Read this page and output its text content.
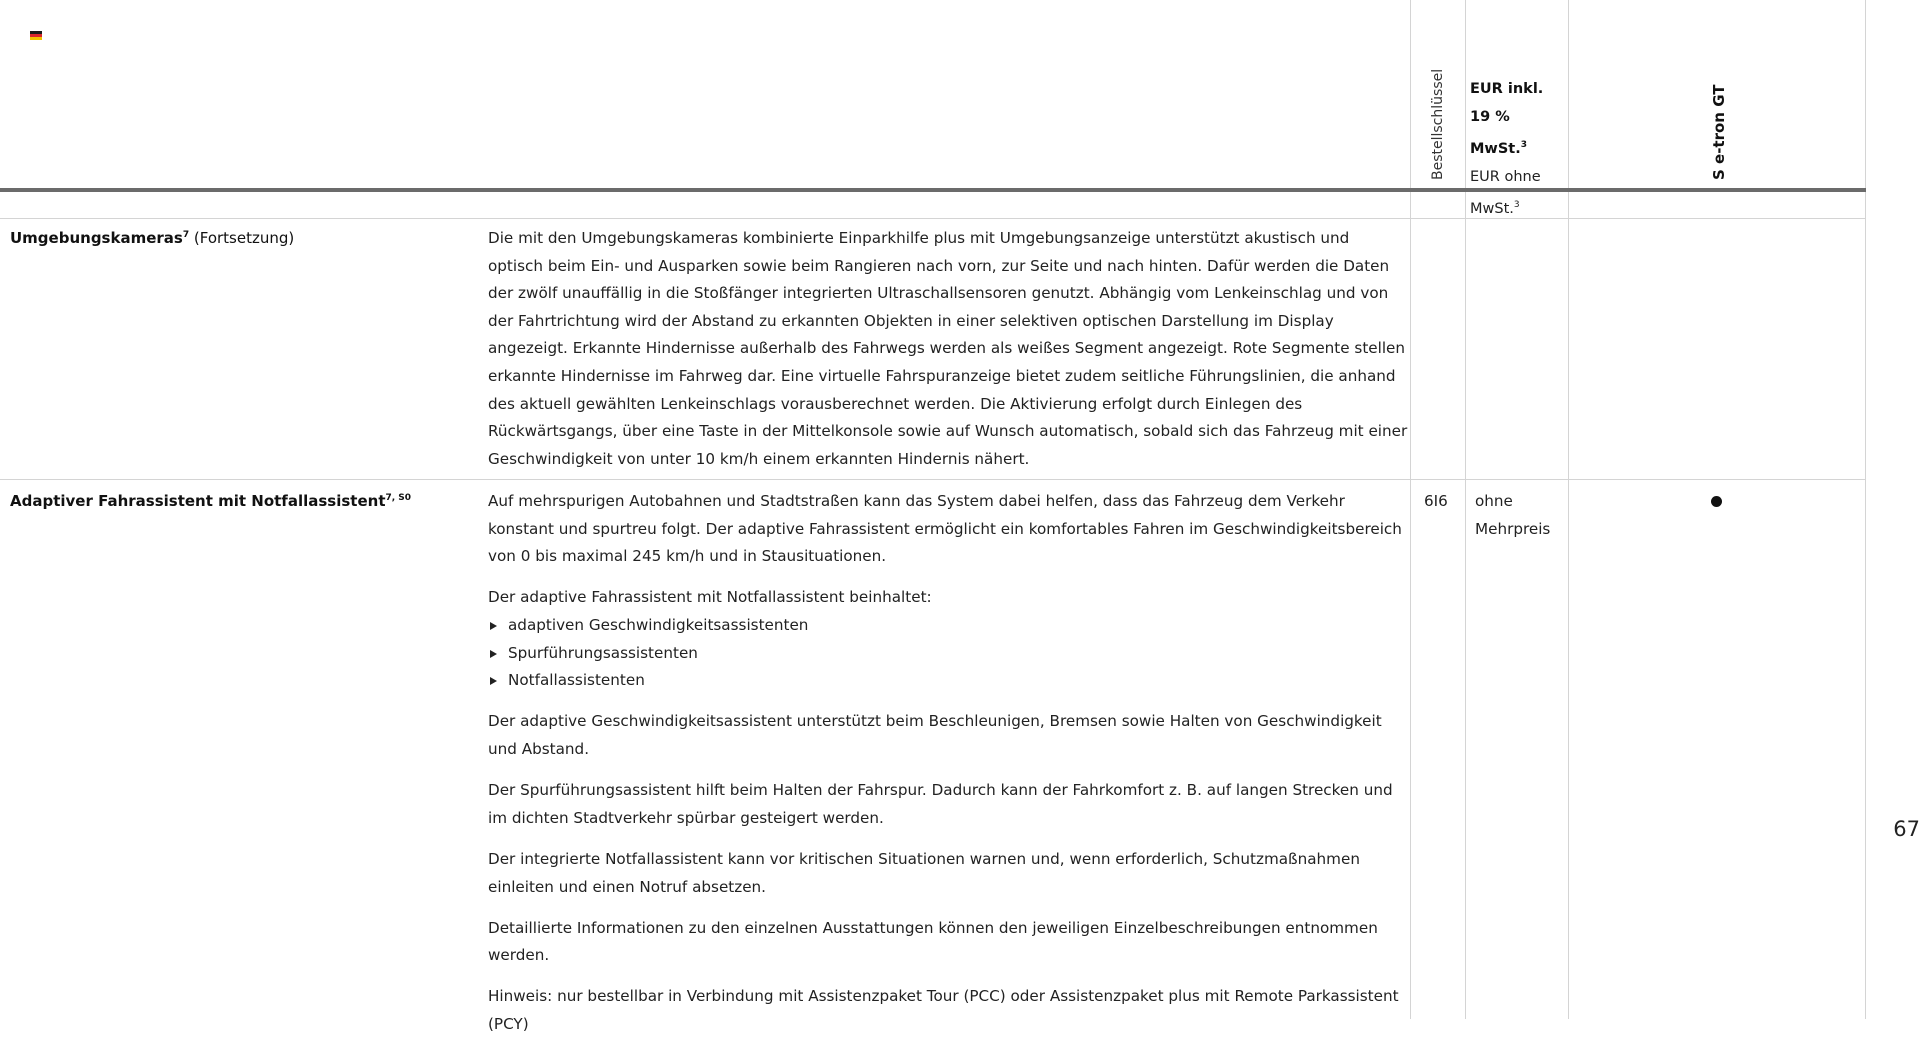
Bestellschlüssel EUR inkl.
19 % MwSt.$^3$
EUR ohne
MwSt.$^3$
S e-tron GT
Umgebungskameras$^7$ (Fortsetzung)	Die mit den Umgebungskameras kombinierte Einparkhilfe plus mit Umgebungsanzeige unterstützt akustisch und optisch beim Ein- und Ausparken sowie beim Rangieren nach vorn, zur Seite und nach hinten. Dafür werden die Daten der zwölf unauffällig in die Stoßfänger integrierten Ultraschallsensoren genutzt. Abhängig vom Lenkeinschlag und von der Fahrtrichtung wird der Abstand zu erkannten Objekten in einer selektiven optischen Darstellung im Display angezeigt. Erkannte Hindernisse außerhalb des Fahrwegs werden als weißes Segment angezeigt. Rote Segmente stellen erkannte Hindernisse im Fahrweg dar. Eine virtuelle Fahrspuranzeige bietet zudem seitliche Führungslinien, die anhand des aktuell gewählten Lenkeinschlags vorausberechnet werden. Die Aktivierung erfolgt durch Einlegen des Rückwärtsgangs, über eine Taste in der Mittelkonsole sowie auf Wunsch automatisch, sobald sich das Fahrzeug mit einer Geschwindigkeit von unter 10 km/h einem erkannten Hindernis nähert.

Adaptiver Fahrassistent mit Notfallassistent$^{7, S0}$	Auf mehrspurigen Autobahnen und Stadtstraßen kann das System dabei helfen, dass das Fahrzeug dem Verkehr konstant und spurtreu folgt. Der adaptive Fahrassistent ermöglicht ein komfortables Fahren im Geschwindigkeitsbereich von 0 bis maximal 245 km/h und in Stausituationen.

Der adaptive Fahrassistent mit Notfallassistent beinhaltet:

adaptiven Geschwindigkeitsassistenten
Spurführungsassistenten
Notfallassistenten

Der adaptive Geschwindigkeitsassistent unterstützt beim Beschleunigen, Bremsen sowie Halten von Geschwindigkeit und Abstand.

Der Spurführungsassistent hilft beim Halten der Fahrspur. Dadurch kann der Fahrkomfort z. B. auf langen Strecken und im dichten Stadtverkehr spürbar gesteigert werden.

Der integrierte Notfallassistent kann vor kritischen Situationen warnen und, wenn erforderlich, Schutzmaßnahmen einleiten und einen Notruf absetzen.

Detaillierte Informationen zu den einzelnen Ausstattungen können den jeweiligen Einzelbeschreibungen entnommen werden.

Hinweis: nur bestellbar in Verbindung mit Assistenzpaket Tour (PCC) oder Assistenzpaket plus mit Remote Parkassistent (PCY)

6I6 ohne
Mehrpreis
67
